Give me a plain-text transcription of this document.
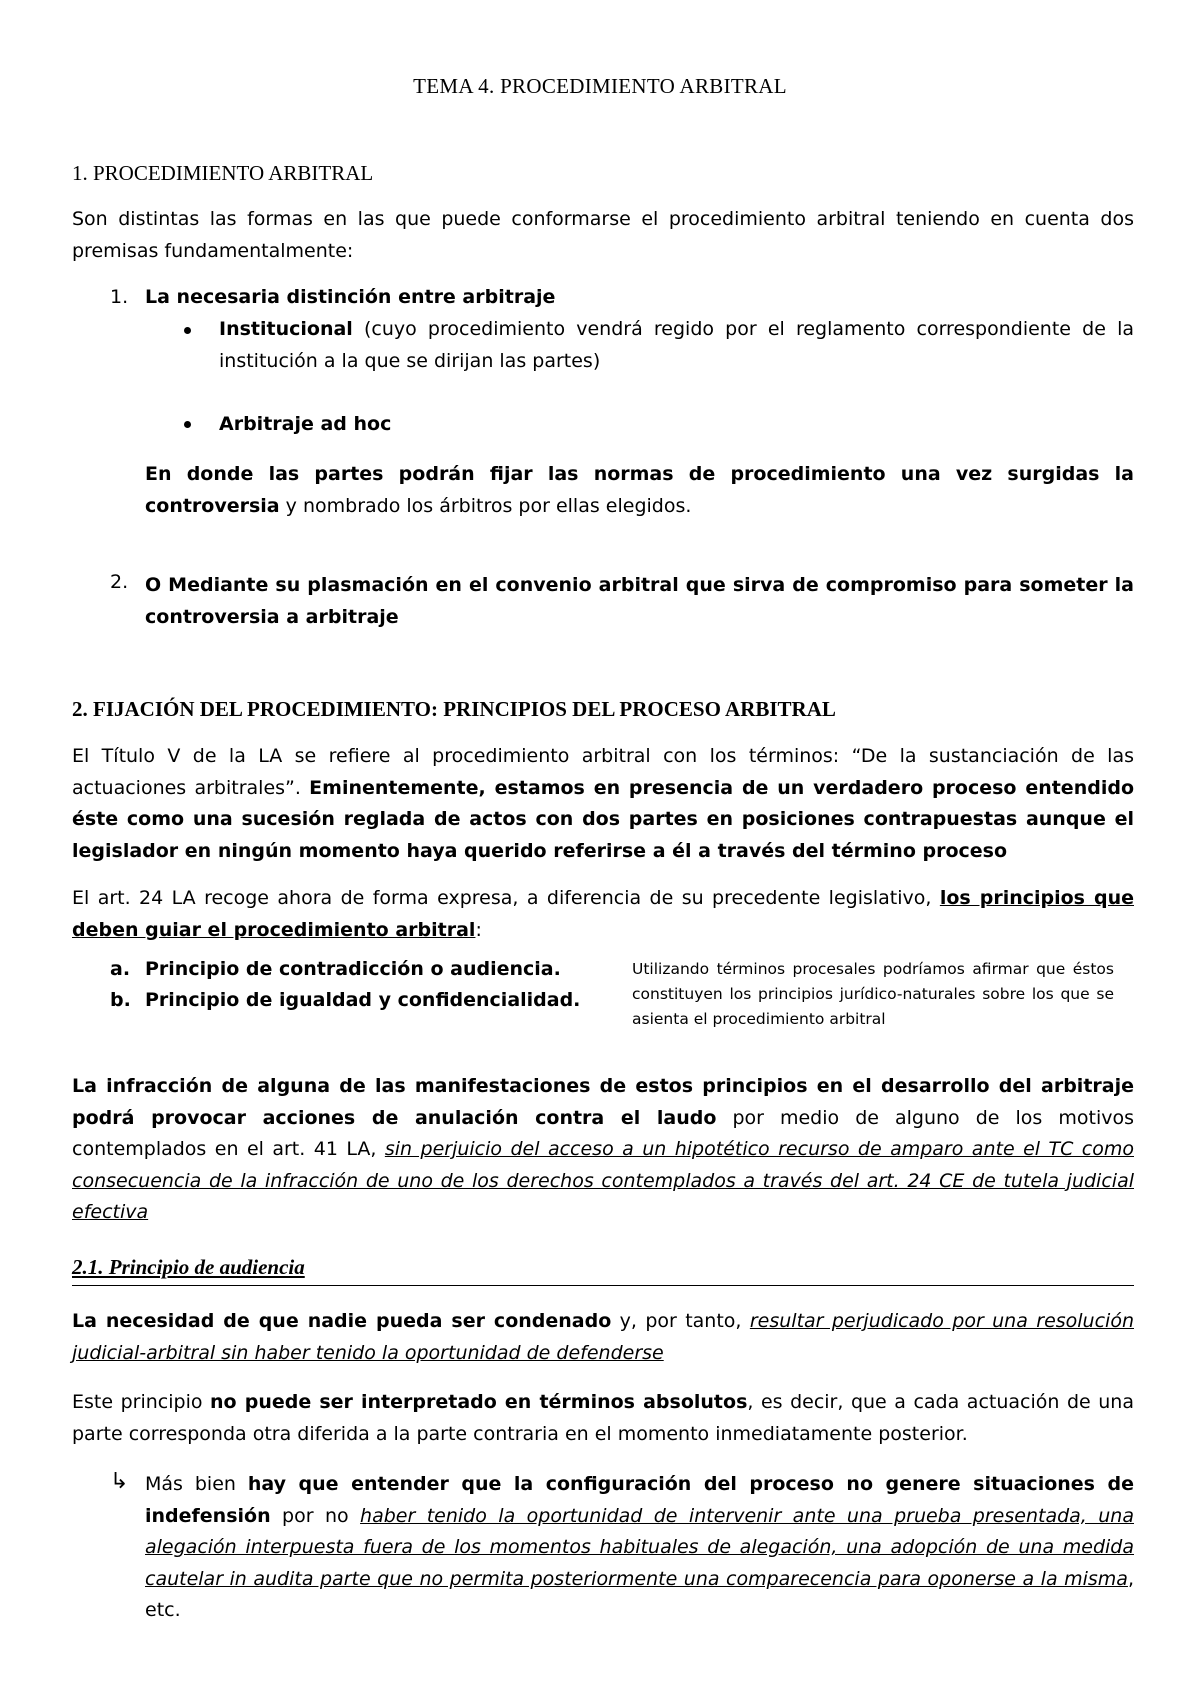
TEMA 4. PROCEDIMIENTO ARBITRAL
1. PROCEDIMIENTO ARBITRAL
Son distintas las formas en las que puede conformarse el procedimiento arbitral teniendo en cuenta dos premisas fundamentalmente:
1. La necesaria distinción entre arbitraje
Institucional (cuyo procedimiento vendrá regido por el reglamento correspondiente de la institución a la que se dirijan las partes)
Arbitraje ad hoc
En donde las partes podrán fijar las normas de procedimiento una vez surgidas la controversia y nombrado los árbitros por ellas elegidos.
2. O Mediante su plasmación en el convenio arbitral que sirva de compromiso para someter la controversia a arbitraje
2. FIJACIÓN DEL PROCEDIMIENTO: PRINCIPIOS DEL PROCESO ARBITRAL
El Título V de la LA se refiere al procedimiento arbitral con los términos: “De la sustanciación de las actuaciones arbitrales”. Eminentemente, estamos en presencia de un verdadero proceso entendido éste como una sucesión reglada de actos con dos partes en posiciones contrapuestas aunque el legislador en ningún momento haya querido referirse a él a través del término proceso
El art. 24 LA recoge ahora de forma expresa, a diferencia de su precedente legislativo, los principios que deben guiar el procedimiento arbitral:
a. Principio de contradicción o audiencia.
b. Principio de igualdad y confidencialidad.
Utilizando términos procesales podríamos afirmar que éstos constituyen los principios jurídico-naturales sobre los que se asienta el procedimiento arbitral
La infracción de alguna de las manifestaciones de estos principios en el desarrollo del arbitraje podrá provocar acciones de anulación contra el laudo por medio de alguno de los motivos contemplados en el art. 41 LA, sin perjuicio del acceso a un hipotético recurso de amparo ante el TC como consecuencia de la infracción de uno de los derechos contemplados a través del art. 24 CE de tutela judicial efectiva
2.1. Principio de audiencia
La necesidad de que nadie pueda ser condenado y, por tanto, resultar perjudicado por una resolución judicial-arbitral sin haber tenido la oportunidad de defenderse
Este principio no puede ser interpretado en términos absolutos, es decir, que a cada actuación de una parte corresponda otra diferida a la parte contraria en el momento inmediatamente posterior.
↳ Más bien hay que entender que la configuración del proceso no genere situaciones de indefensión por no haber tenido la oportunidad de intervenir ante una prueba presentada, una alegación interpuesta fuera de los momentos habituales de alegación, una adopción de una medida cautelar in audita parte que no permita posteriormente una comparecencia para oponerse a la misma, etc.
